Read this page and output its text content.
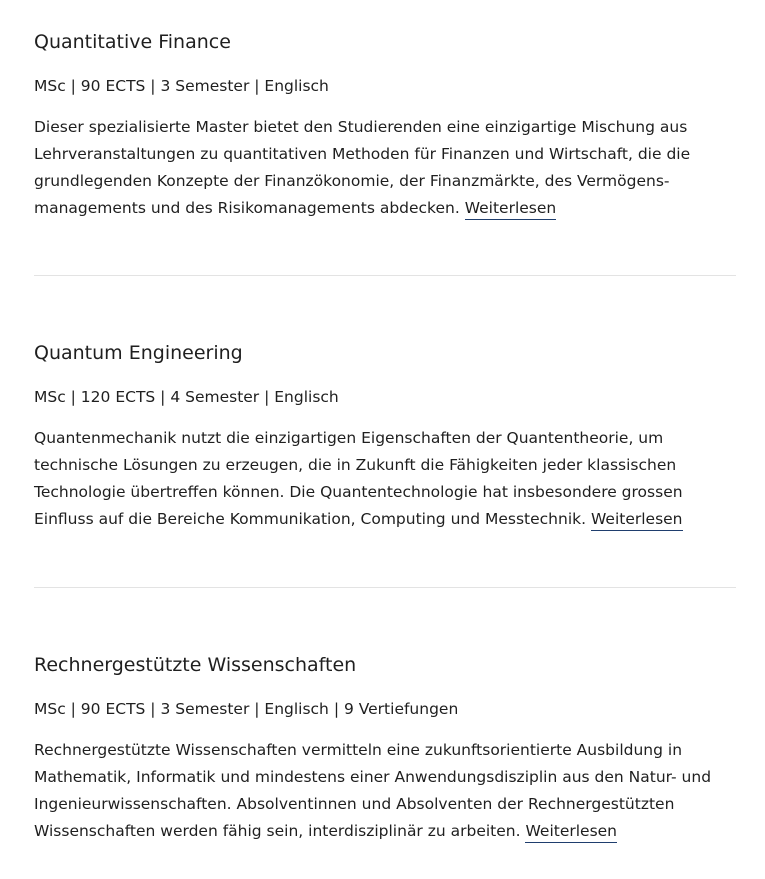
Quantitative Finance

MSc | 90 ECTS | 3 Semester | Englisch

Dieser spezialisierte Master bietet den Studierenden eine einzigartige Mischung aus Lehrveranstaltungen zu quantitativen Methoden für Finanzen und Wirtschaft, die die grundlegenden Konzepte der Finanzökonomie, der Finanzmärkte, des Vermögens-managements und des Risikomanagements abdecken. Weiterlesen

Quantum Engineering

MSc | 120 ECTS | 4 Semester | Englisch

Quantenmechanik nutzt die einzigartigen Eigenschaften der Quantentheorie, um technische Lösungen zu erzeugen, die in Zukunft die Fähigkeiten jeder klassischen Technologie übertreffen können. Die Quantentechnologie hat insbesondere grossen Einfluss auf die Bereiche Kommunikation, Computing und Messtechnik. Weiterlesen

Rechnergestützte Wissenschaften

MSc | 90 ECTS | 3 Semester | Englisch | 9 Vertiefungen

Rechnergestützte Wissenschaften vermitteln eine zukunftsorientierte Ausbildung in Mathematik, Informatik und mindestens einer Anwendungsdisziplin aus den Natur- und Ingenieurwissenschaften. Absolventinnen und Absolventen der Rechnergestützten Wissenschaften werden fähig sein, interdisziplinär zu arbeiten. Weiterlesen
